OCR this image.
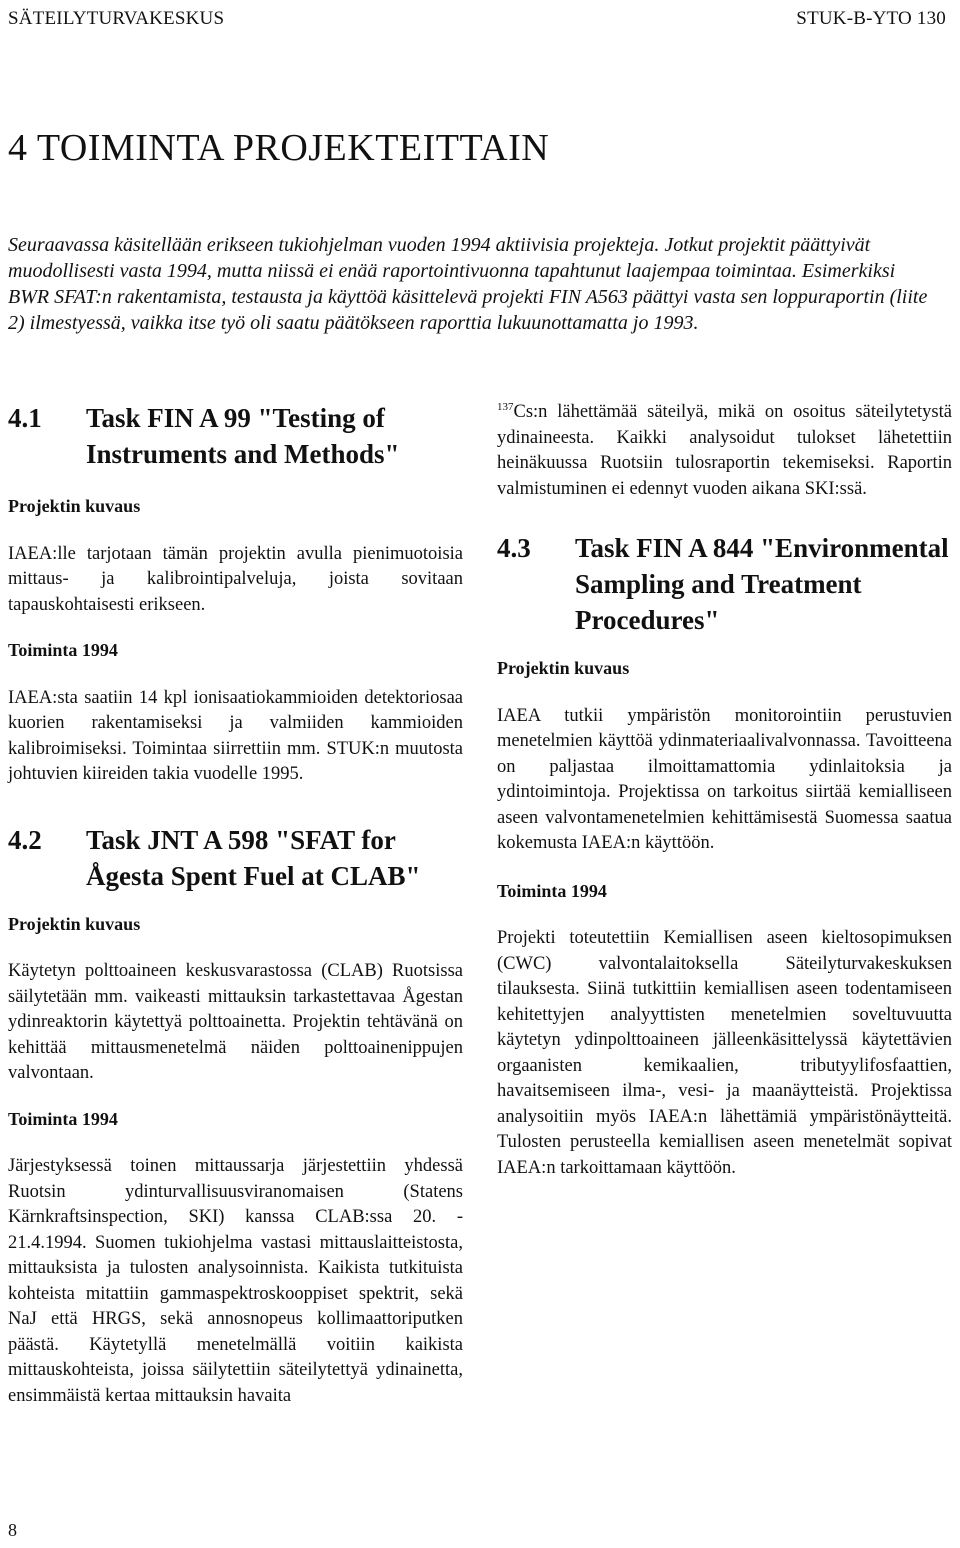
SÄTEILYTURVAKESKUS	STUK-B-YTO 130
4 TOIMINTA PROJEKTEITTAIN

Seuraavassa käsitellään erikseen tukiohjelman vuoden 1994 aktiivisia projekteja. Jotkut projektit päättyivät muodollisesti vasta 1994, mutta niissä ei enää raportointivuonna tapahtunut laajempaa toimintaa. Esimerkiksi BWR SFAT:n rakentamista, testausta ja käyttöä käsittelevä projekti FIN A563 päättyi vasta sen loppuraportin (liite 2) ilmestyessä, vaikka itse työ oli saatu päätökseen raporttia lukuunottamatta jo 1993.

4.1	Task FIN A 99 "Testing of Instruments and Methods"

Projektin kuvaus

IAEA:lle tarjotaan tämän projektin avulla pienimuotoisia mittaus- ja kalibrointipalveluja, joista sovitaan tapauskohtaisesti erikseen.

Toiminta 1994

IAEA:sta saatiin 14 kpl ionisaatiokammioiden detektoriosaa kuorien rakentamiseksi ja valmiiden kammioiden kalibroimiseksi. Toimintaa siirrettiin mm. STUK:n muutosta johtuvien kiireiden takia vuodelle 1995.

4.2	Task JNT A 598 "SFAT for Ågesta Spent Fuel at CLAB"

Projektin kuvaus

Käytetyn polttoaineen keskusvarastossa (CLAB) Ruotsissa säilytetään mm. vaikeasti mittauksin tarkastettavaa Ågestan ydinreaktorin käytettyä polttoainetta. Projektin tehtävänä on kehittää mittausmenetelmä näiden polttoainenippujen valvontaan.

Toiminta 1994

Järjestyksessä toinen mittaussarja järjestettiin yhdessä Ruotsin ydinturvallisuusviranomaisen (Statens Kärnkraftsinspection, SKI) kanssa CLAB:ssa 20. - 21.4.1994. Suomen tukiohjelma vastasi mittauslaitteistosta, mittauksista ja tulosten analysoinnista. Kaikista tutkituista kohteista mitattiin gammaspektroskooppiset spektrit, sekä NaJ että HRGS, sekä annosnopeus kollimaattoriputken päästä. Käytetyllä menetelmällä voitiin kaikista mittauskohteista, joissa säilytettiin säteilytettyä ydinainetta, ensimmäistä kertaa mittauksin havaita

$^{137}$Cs:n lähettämää säteilyä, mikä on osoitus säteilytetystä ydinaineesta. Kaikki analysoidut tulokset lähetettiin heinäkuussa Ruotsiin tulosraportin tekemiseksi. Raportin valmistuminen ei edennyt vuoden aikana SKI:ssä.

4.3	Task FIN A 844 "Environmental Sampling and Treatment Procedures"

Projektin kuvaus

IAEA tutkii ympäristön monitorointiin perustuvien menetelmien käyttöä ydinmateriaalivalvonnassa. Tavoitteena on paljastaa ilmoittamattomia ydinlaitoksia ja ydintoimintoja. Projektissa on tarkoitus siirtää kemialliseen aseen valvontamenetelmien kehittämisestä Suomessa saatua kokemusta IAEA:n käyttöön.

Toiminta 1994

Projekti toteutettiin Kemiallisen aseen kieltosopimuksen (CWC) valvontalaitoksella Säteilyturvakeskuksen tilauksesta. Siinä tutkittiin kemiallisen aseen todentamiseen kehitettyjen analyyttisten menetelmien soveltuvuutta käytetyn ydinpolttoaineen jälleenkäsittelyssä käytettävien orgaanisten kemikaalien, tributyylifosfaattien, havaitsemiseen ilma-, vesi- ja maanäytteistä. Projektissa analysoitiin myös IAEA:n lähettämiä ympäristönäytteitä. Tulosten perusteella kemiallisen aseen menetelmät sopivat IAEA:n tarkoittamaan käyttöön.

8
